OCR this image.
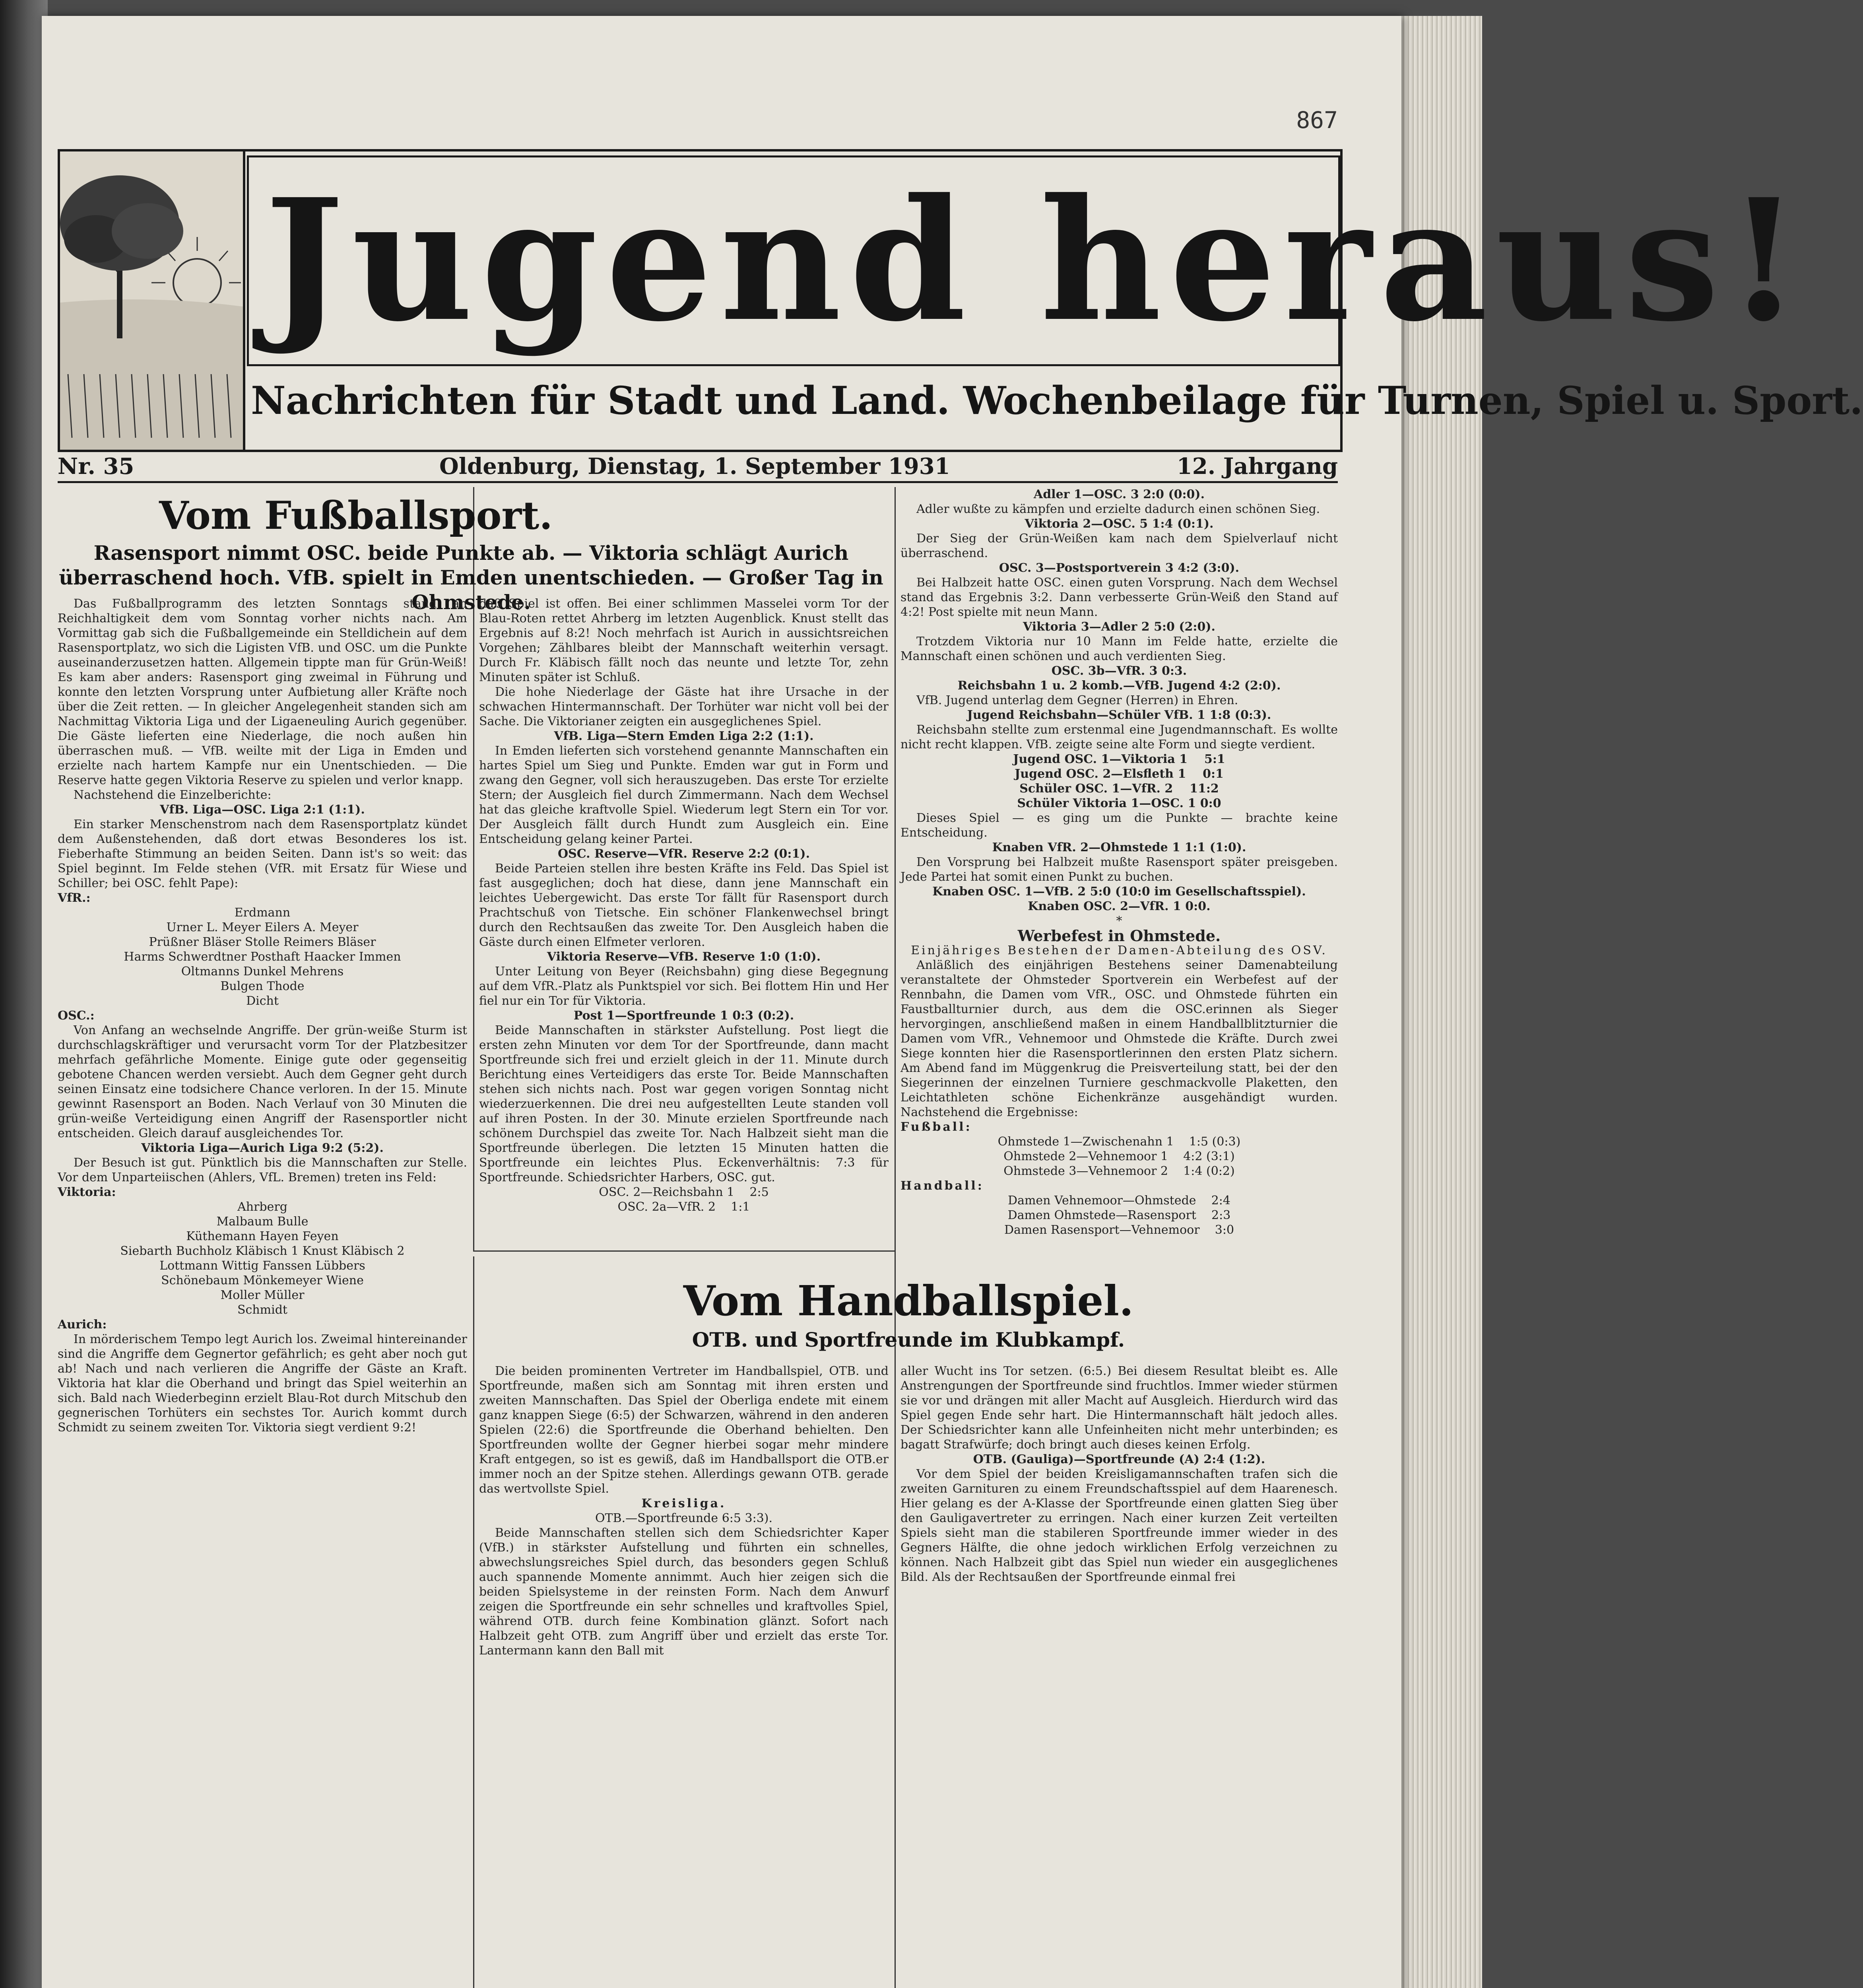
867
Jugend heraus!
Nachrichten für Stadt und Land. Wochenbeilage für Turnen, Spiel u. Sport.
Nr. 35	Oldenburg, Dienstag, 1. September 1931	12. Jahrgang
Vom Fußballsport.
Rasensport nimmt OSC. beide Punkte ab. — Viktoria schlägt Aurich überraschend hoch. VfB. spielt in Emden unentschieden. — Großer Tag in Ohmstede.

Das Fußballprogramm des letzten Sonntags stand an Reichhaltigkeit dem vom Sonntag vorher nichts nach. Am Vormittag gab sich die Fußballgemeinde ein Stelldichein auf dem Rasensportplatz, wo sich die Ligisten VfB. und OSC. um die Punkte auseinanderzusetzen hatten. Allgemein tippte man für Grün-Weiß! Es kam aber anders: Rasensport ging zweimal in Führung und konnte den letzten Vorsprung unter Aufbietung aller Kräfte noch über die Zeit retten. — In gleicher Angelegenheit standen sich am Nachmittag Viktoria Liga und der Ligaeneuling Aurich gegenüber. Die Gäste lieferten eine Niederlage, die noch außen hin überraschen muß. — VfB. weilte mit der Liga in Emden und erzielte nach hartem Kampfe nur ein Unentschieden. — Die Reserve hatte gegen Viktoria Reserve zu spielen und verlor knapp.

Nachstehend die Einzelberichte:

VfB. Liga—OSC. Liga 2:1 (1:1).

Ein starker Menschenstrom nach dem Rasensportplatz kündet dem Außenstehenden, daß dort etwas Besonderes los ist. Fieberhafte Stimmung an beiden Seiten. Dann ist's so weit: das Spiel beginnt. Im Felde stehen (VfR. mit Ersatz für Wiese und Schiller; bei OSC. fehlt Pape):

VfR.:

Erdmann

Urner L. Meyer Eilers A. Meyer

Prüßner Bläser Stolle Reimers Bläser

Harms Schwerdtner Posthaft Haacker Immen

Oltmanns Dunkel Mehrens

Bulgen Thode

Dicht

OSC.:

Von Anfang an wechselnde Angriffe. Der grün-weiße Sturm ist durchschlagskräftiger und verursacht vorm Tor der Platzbesitzer mehrfach gefährliche Momente. Einige gute oder gegenseitig gebotene Chancen werden versiebt. Auch dem Gegner geht durch seinen Einsatz eine todsichere Chance verloren. In der 15. Minute gewinnt Rasensport an Boden. Nach Verlauf von 30 Minuten die grün-weiße Verteidigung einen Angriff der Rasensportler nicht entscheiden. Gleich darauf ausgleichendes Tor.

Viktoria Liga—Aurich Liga 9:2 (5:2).

Der Besuch ist gut. Pünktlich bis die Mannschaften zur Stelle. Vor dem Unparteiischen (Ahlers, VfL. Bremen) treten ins Feld:

Viktoria:

Ahrberg

Malbaum Bulle

Küthemann Hayen Feyen

Siebarth Buchholz Kläbisch 1 Knust Kläbisch 2

Lottmann Wittig Fanssen Lübbers

Schönebaum Mönkemeyer Wiene

Moller Müller

Schmidt

Aurich:

In mörderischem Tempo legt Aurich los. Zweimal hintereinander sind die Angriffe dem Gegnertor gefährlich; es geht aber noch gut ab! Nach und nach verlieren die Angriffe der Gäste an Kraft. Viktoria hat klar die Oberhand und bringt das Spiel weiterhin an sich. Bald nach Wiederbeginn erzielt Blau-Rot durch Mitschub den gegnerischen Torhüters ein sechstes Tor. Aurich kommt durch Schmidt zu seinem zweiten Tor. Viktoria siegt verdient 9:2!

daß Spiel ist offen. Bei einer schlimmen Masselei vorm Tor der Blau-Roten rettet Ahrberg im letzten Augenblick. Knust stellt das Ergebnis auf 8:2! Noch mehrfach ist Aurich in aussichtsreichen Vorgehen; Zählbares bleibt der Mannschaft weiterhin versagt. Durch Fr. Kläbisch fällt noch das neunte und letzte Tor, zehn Minuten später ist Schluß.

Die hohe Niederlage der Gäste hat ihre Ursache in der schwachen Hintermannschaft. Der Torhüter war nicht voll bei der Sache. Die Viktorianer zeigten ein ausgeglichenes Spiel.

VfB. Liga—Stern Emden Liga 2:2 (1:1).

In Emden lieferten sich vorstehend genannte Mannschaften ein hartes Spiel um Sieg und Punkte. Emden war gut in Form und zwang den Gegner, voll sich herauszugeben. Das erste Tor erzielte Stern; der Ausgleich fiel durch Zimmermann. Nach dem Wechsel hat das gleiche kraftvolle Spiel. Wiederum legt Stern ein Tor vor. Der Ausgleich fällt durch Hundt zum Ausgleich ein. Eine Entscheidung gelang keiner Partei.

OSC. Reserve—VfR. Reserve 2:2 (0:1).

Beide Parteien stellen ihre besten Kräfte ins Feld. Das Spiel ist fast ausgeglichen; doch hat diese, dann jene Mannschaft ein leichtes Uebergewicht. Das erste Tor fällt für Rasensport durch Prachtschuß von Tietsche. Ein schöner Flankenwechsel bringt durch den Rechtsaußen das zweite Tor. Den Ausgleich haben die Gäste durch einen Elfmeter verloren.

Viktoria Reserve—VfB. Reserve 1:0 (1:0).

Unter Leitung von Beyer (Reichsbahn) ging diese Begegnung auf dem VfR.-Platz als Punktspiel vor sich. Bei flottem Hin und Her fiel nur ein Tor für Viktoria.

Post 1—Sportfreunde 1 0:3 (0:2).

Beide Mannschaften in stärkster Aufstellung. Post liegt die ersten zehn Minuten vor dem Tor der Sportfreunde, dann macht Sportfreunde sich frei und erzielt gleich in der 11. Minute durch Berichtung eines Verteidigers das erste Tor. Beide Mannschaften stehen sich nichts nach. Post war gegen vorigen Sonntag nicht wiederzuerkennen. Die drei neu aufgestellten Leute standen voll auf ihren Posten. In der 30. Minute erzielen Sportfreunde nach schönem Durchspiel das zweite Tor. Nach Halbzeit sieht man die Sportfreunde überlegen. Die letzten 15 Minuten hatten die Sportfreunde ein leichtes Plus. Eckenverhältnis: 7:3 für Sportfreunde. Schiedsrichter Harbers, OSC. gut.

OSC. 2—Reichsbahn 1 2:5

OSC. 2a—VfR. 2 1:1

Adler 1—OSC. 3 2:0 (0:0).

Adler wußte zu kämpfen und erzielte dadurch einen schönen Sieg.

Viktoria 2—OSC. 5 1:4 (0:1).

Der Sieg der Grün-Weißen kam nach dem Spielverlauf nicht überraschend.

OSC. 3—Postsportverein 3 4:2 (3:0).

Bei Halbzeit hatte OSC. einen guten Vorsprung. Nach dem Wechsel stand das Ergebnis 3:2. Dann verbesserte Grün-Weiß den Stand auf 4:2! Post spielte mit neun Mann.

Viktoria 3—Adler 2 5:0 (2:0).

Trotzdem Viktoria nur 10 Mann im Felde hatte, erzielte die Mannschaft einen schönen und auch verdienten Sieg.

OSC. 3b—VfR. 3 0:3.

Reichsbahn 1 u. 2 komb.—VfB. Jugend 4:2 (2:0).

VfB. Jugend unterlag dem Gegner (Herren) in Ehren.

Jugend Reichsbahn—Schüler VfB. 1 1:8 (0:3).

Reichsbahn stellte zum erstenmal eine Jugendmannschaft. Es wollte nicht recht klappen. VfB. zeigte seine alte Form und siegte verdient.

Jugend OSC. 1—Viktoria 1 5:1

Jugend OSC. 2—Elsfleth 1 0:1

Schüler OSC. 1—VfR. 2 11:2

Schüler Viktoria 1—OSC. 1 0:0

Dieses Spiel — es ging um die Punkte — brachte keine Entscheidung.

Knaben VfR. 2—Ohmstede 1 1:1 (1:0).

Den Vorsprung bei Halbzeit mußte Rasensport später preisgeben. Jede Partei hat somit einen Punkt zu buchen.

Knaben OSC. 1—VfB. 2 5:0 (10:0 im Gesellschaftsspiel).

Knaben OSC. 2—VfR. 1 0:0.

*

Werbefest in Ohmstede.

Einjähriges Bestehen der Damen-Abteilung des OSV.

Anläßlich des einjährigen Bestehens seiner Damenabteilung veranstaltete der Ohmsteder Sportverein ein Werbefest auf der Rennbahn, die Damen vom VfR., OSC. und Ohmstede führten ein Faustballturnier durch, aus dem die OSC.erinnen als Sieger hervorgingen, anschließend maßen in einem Handballblitzturnier die Damen vom VfR., Vehnemoor und Ohmstede die Kräfte. Durch zwei Siege konnten hier die Rasensportlerinnen den ersten Platz sichern. Am Abend fand im Müggenkrug die Preisverteilung statt, bei der den Siegerinnen der einzelnen Turniere geschmackvolle Plaketten, den Leichtathleten schöne Eichenkränze ausgehändigt wurden. Nachstehend die Ergebnisse:

Fußball:

Ohmstede 1—Zwischenahn 1 1:5 (0:3)

Ohmstede 2—Vehnemoor 1 4:2 (3:1)

Ohmstede 3—Vehnemoor 2 1:4 (0:2)

Handball:

Damen Vehnemoor—Ohmstede 2:4

Damen Ohmstede—Rasensport 2:3

Damen Rasensport—Vehnemoor 3:0

Vom Handballspiel.
OTB. und Sportfreunde im Klubkampf.

Die beiden prominenten Vertreter im Handballspiel, OTB. und Sportfreunde, maßen sich am Sonntag mit ihren ersten und zweiten Mannschaften. Das Spiel der Oberliga endete mit einem ganz knappen Siege (6:5) der Schwarzen, während in den anderen Spielen (22:6) die Sportfreunde die Oberhand behielten. Den Sportfreunden wollte der Gegner hierbei sogar mehr mindere Kraft entgegen, so ist es gewiß, daß im Handballsport die OTB.er immer noch an der Spitze stehen. Allerdings gewann OTB. gerade das wertvollste Spiel.

Kreisliga.

OTB.—Sportfreunde 6:5 3:3).

Beide Mannschaften stellen sich dem Schiedsrichter Kaper (VfB.) in stärkster Aufstellung und führten ein schnelles, abwechslungsreiches Spiel durch, das besonders gegen Schluß auch spannende Momente annimmt. Auch hier zeigen sich die beiden Spielsysteme in der reinsten Form. Nach dem Anwurf zeigen die Sportfreunde ein sehr schnelles und kraftvolles Spiel, während OTB. durch feine Kombination glänzt. Sofort nach Halbzeit geht OTB. zum Angriff über und erzielt das erste Tor. Lantermann kann den Ball mit

aller Wucht ins Tor setzen. (6:5.) Bei diesem Resultat bleibt es. Alle Anstrengungen der Sportfreunde sind fruchtlos. Immer wieder stürmen sie vor und drängen mit aller Macht auf Ausgleich. Hierdurch wird das Spiel gegen Ende sehr hart. Die Hintermannschaft hält jedoch alles. Der Schiedsrichter kann alle Unfeinheiten nicht mehr unterbinden; es bagatt Strafwürfe; doch bringt auch dieses keinen Erfolg.

OTB. (Gauliga)—Sportfreunde (A) 2:4 (1:2).

Vor dem Spiel der beiden Kreisligamannschaften trafen sich die zweiten Garnituren zu einem Freundschaftsspiel auf dem Haarenesch. Hier gelang es der A-Klasse der Sportfreunde einen glatten Sieg über den Gauligavertreter zu erringen. Nach einer kurzen Zeit verteilten Spiels sieht man die stabileren Sportfreunde immer wieder in des Gegners Hälfte, die ohne jedoch wirklichen Erfolg verzeichnen zu können. Nach Halbzeit gibt das Spiel nun wieder ein ausgeglichenes Bild. Als der Rechtsaußen der Sportfreunde einmal frei
